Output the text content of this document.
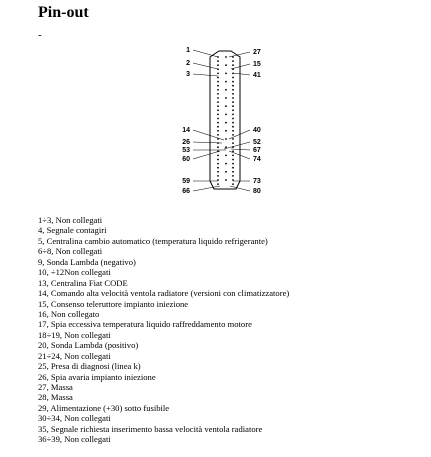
Pin-out
-
1
2
3
14
26
53
60
59
66
27
15
41
40
52
67
74
73
80
1÷3, Non collegati
4, Segnale contagiri
5, Centralina cambio automatico (temperatura liquido refrigerante)
6÷8, Non collegati
9, Sonda Lambda (negativo)
10, ÷12Non collegati
13, Centralina Fiat CODE
14, Comando alta velocità ventola radiatore (versioni con climatizzatore)
15, Consenso teleruttore impianto iniezione
16, Non collegato
17, Spia eccessiva temperatura liquido raffreddamento motore
18÷19, Non collegati
20, Sonda Lambda (positivo)
21÷24, Non collegati
25, Presa di diagnosi (linea k)
26, Spia avaria impianto iniezione
27, Massa
28, Massa
29, Alimentazione (+30) sotto fusibile
30÷34, Non collegati
35, Segnale richiesta inserimento bassa velocità ventola radiatore
36÷39, Non collegati
